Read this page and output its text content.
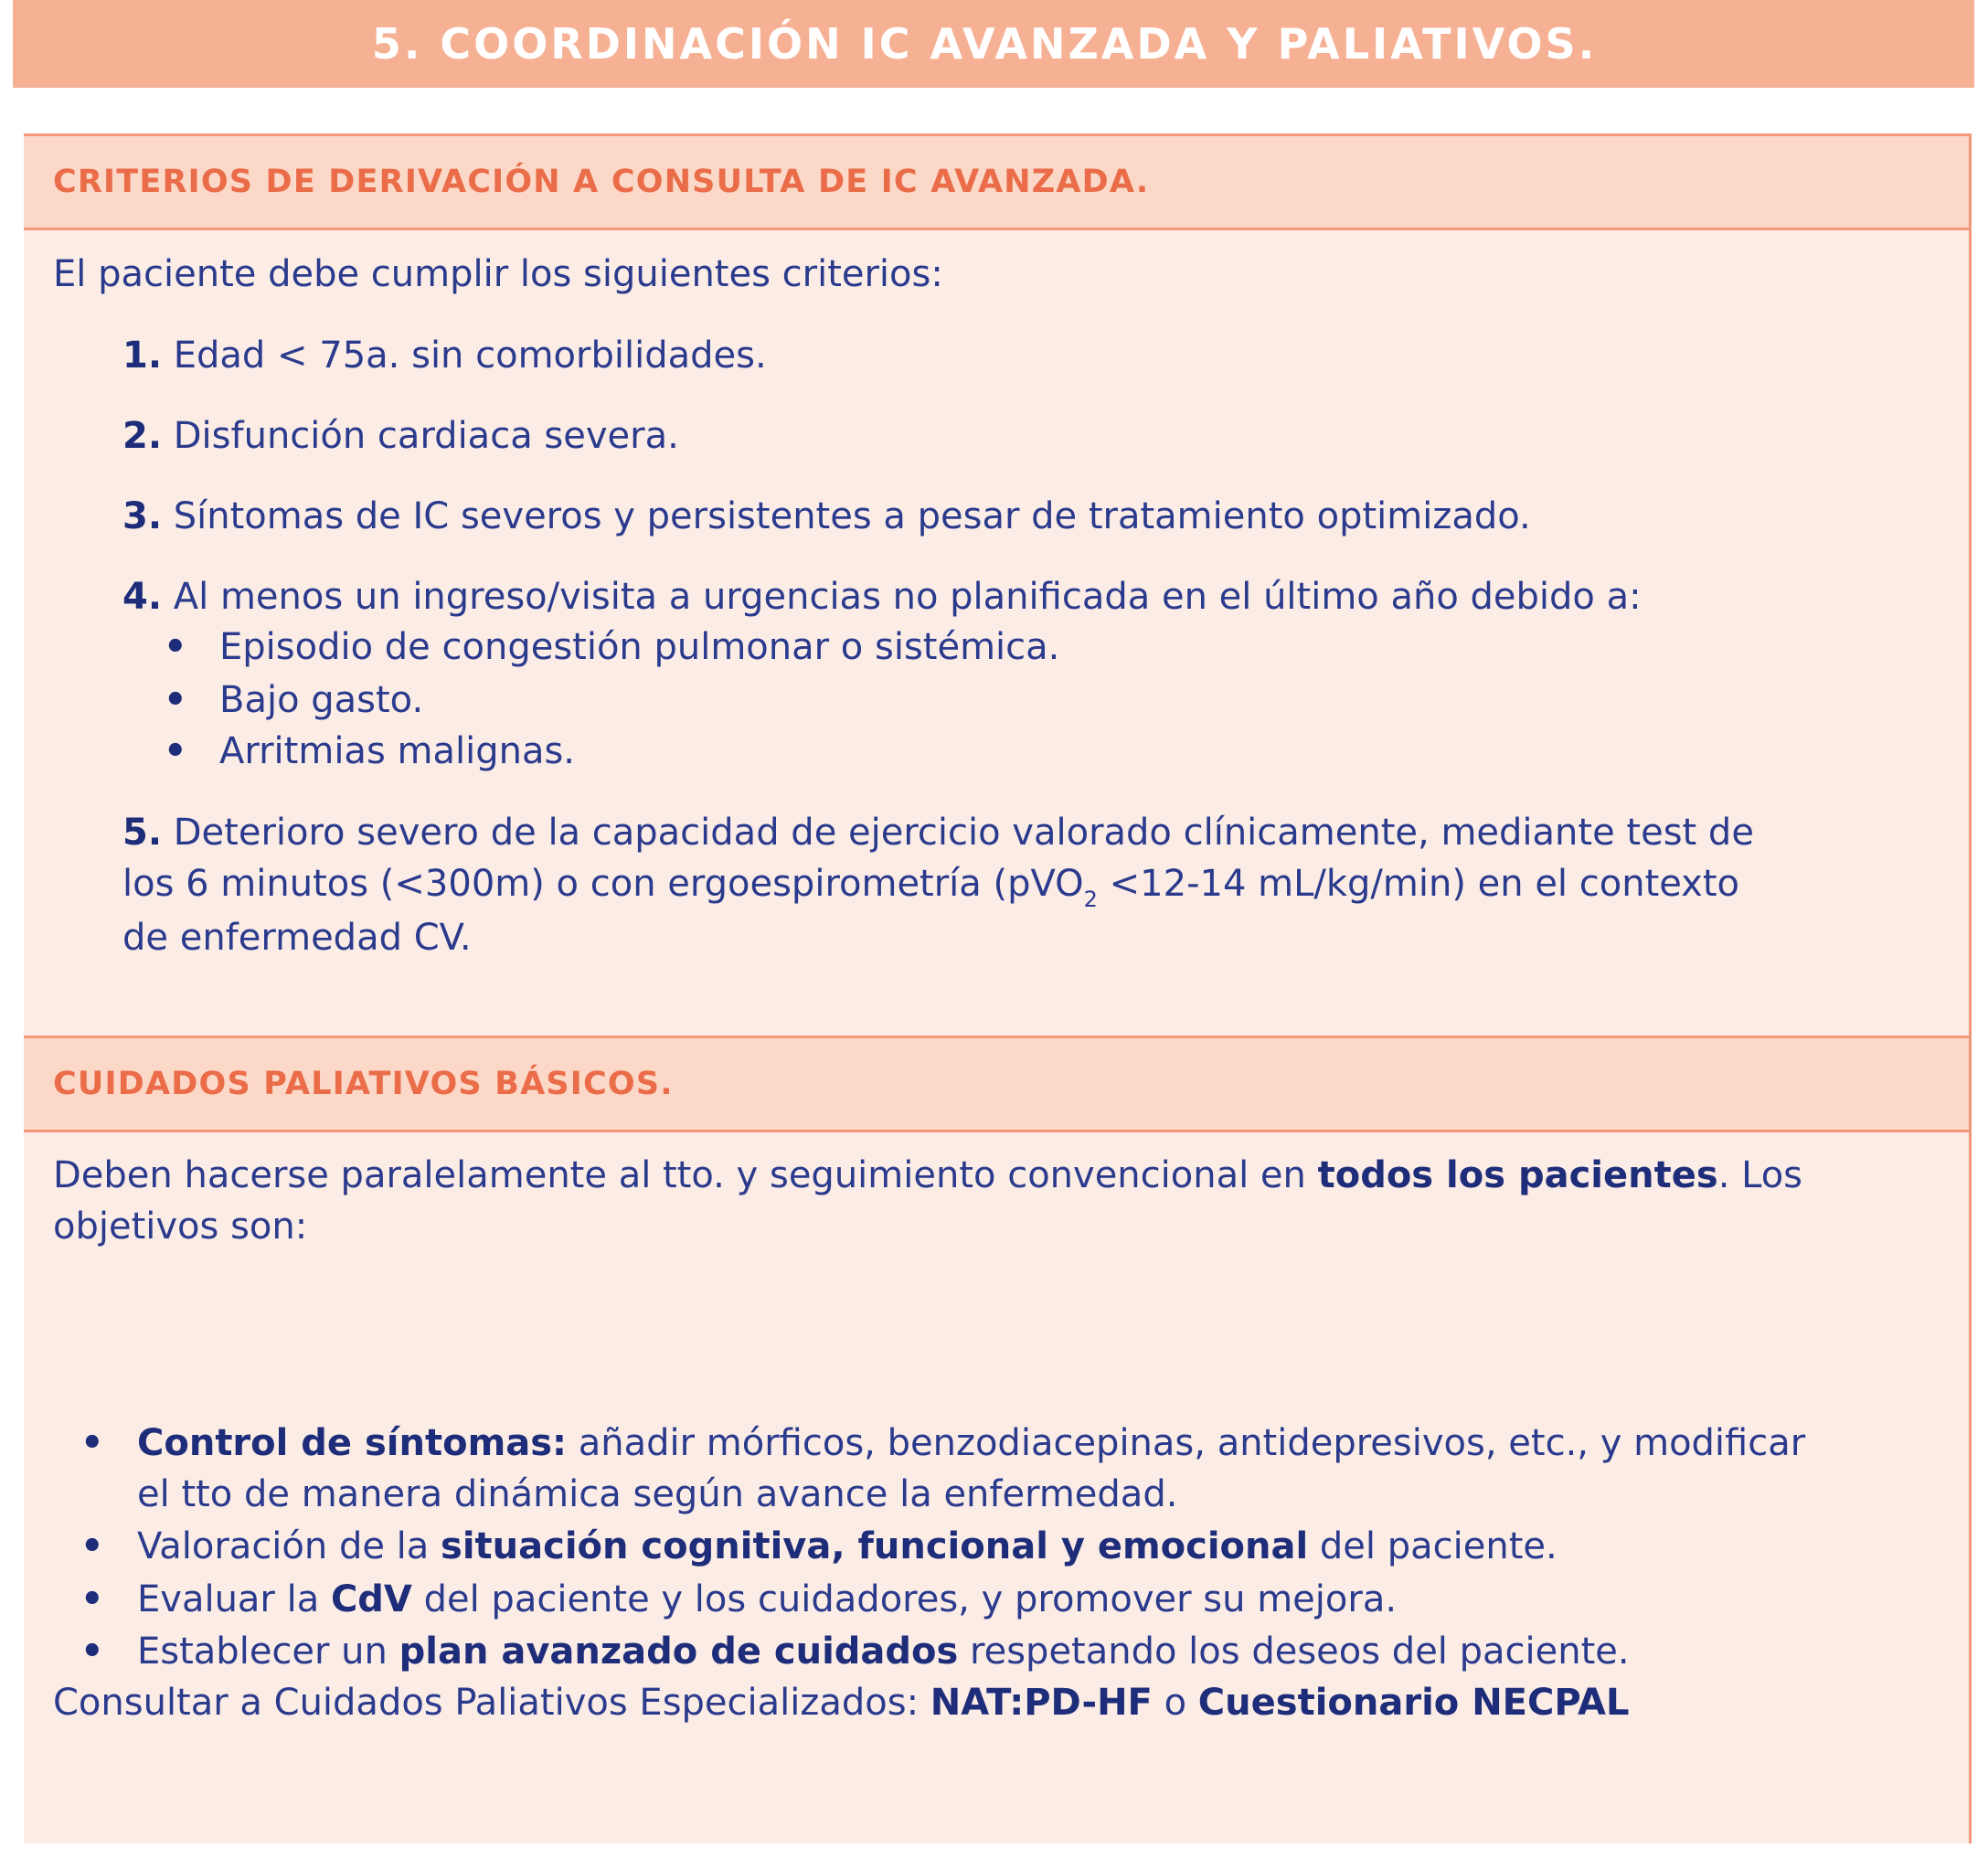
5. COORDINACIÓN IC AVANZADA Y PALIATIVOS.
CRITERIOS DE DERIVACIÓN A CONSULTA DE IC AVANZADA.
El paciente debe cumplir los siguientes criterios:
1. Edad < 75a. sin comorbilidades.
2. Disfunción cardiaca severa.
3. Síntomas de IC severos y persistentes a pesar de tratamiento optimizado.
4. Al menos un ingreso/visita a urgencias no planificada en el último año debido a:
• Episodio de congestión pulmonar o sistémica.
• Bajo gasto.
• Arritmias malignas.
5. Deterioro severo de la capacidad de ejercicio valorado clínicamente, mediante test de
los 6 minutos (<300m) o con ergoespirometría (pVO$_2$ <12-14 mL/kg/min) en el contexto
de enfermedad CV.
CUIDADOS PALIATIVOS BÁSICOS.
Deben hacerse paralelamente al tto. y seguimiento convencional en todos los pacientes. Los
objetivos son:
• Control de síntomas: añadir mórficos, benzodiacepinas, antidepresivos, etc., y modificar
el tto de manera dinámica según avance la enfermedad.
• Valoración de la situación cognitiva, funcional y emocional del paciente.
• Evaluar la CdV del paciente y los cuidadores, y promover su mejora.
• Establecer un plan avanzado de cuidados respetando los deseos del paciente.
Consultar a Cuidados Paliativos Especializados: NAT:PD-HF o Cuestionario NECPAL
